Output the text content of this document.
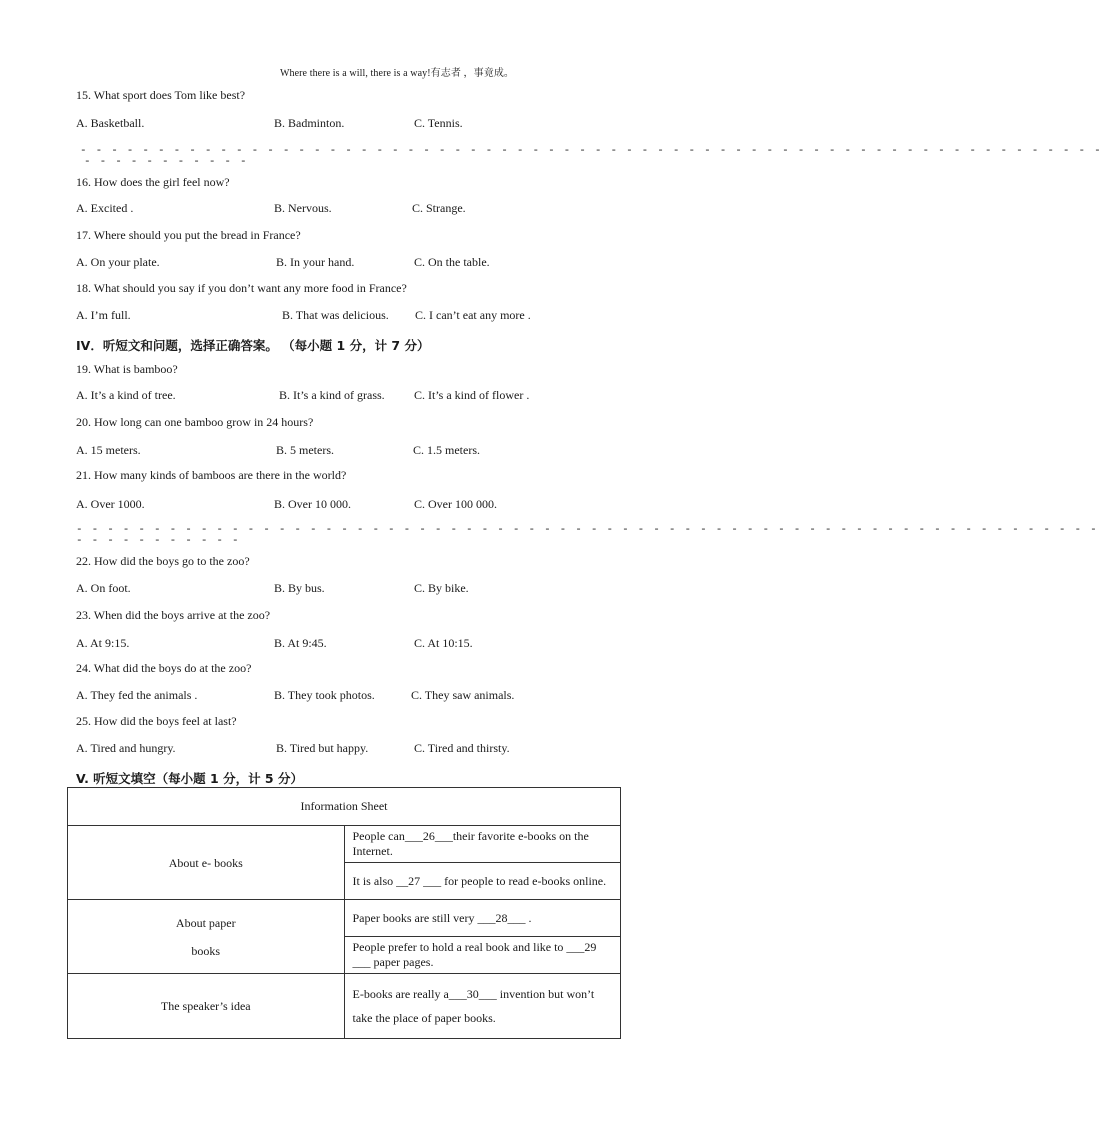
Where there is a will, there is a way!有志者 ，事竟成。
15. What sport does Tom like best?
A. Basketball.	B. Badminton.	C. Tennis.
- - - - - - - - - - - - - - - - - - - - - - - - - - - - - - - - - - - - - - - - - - - - - - - - - - - - - - - - - - - - - - - - - -
- - - - - - - - - - -
16. How does the girl feel now?
A. Excited .	B. Nervous.	C. Strange.
17. Where should you put the bread in France?
A. On your plate.	B. In your hand.	C. On the table.
18. What should you say if you don’t want any more food in France?
A. I’m full.	B. That was delicious. C. I can’t eat any more .
IV．听短文和问题，选择正确答案。 （每小题 1 分，计 7 分）
19. What is bamboo?
A. It’s a kind of tree.	B. It’s a kind of grass. C. It’s a kind of flower .
20. How long can one bamboo grow in 24 hours?
A. 15 meters.	B. 5 meters.	C. 1.5 meters.
21. How many kinds of bamboos are there in the world?
A. Over 1000.	B. Over 10 000.	C. Over 100 000.
- - - - - - - - - - - - - - - - - - - - - - - - - - - - - - - - - - - - - - - - - - - - - - - - - - - - - - - - - - - - - - - - - -
- - - - - - - - - - -
22. How did the boys go to the zoo?
A. On foot.	B. By bus.	C. By bike.
23. When did the boys arrive at the zoo?
A. At 9:15.	B. At 9:45.	C. At 10:15.
24. What did the boys do at the zoo?
A. They fed the animals .	B. They took photos.	C. They saw animals.
25. How did the boys feel at last?
A. Tired and hungry.	B. Tired but happy.	C. Tired and thirsty.
V. 听短文填空（每小题 1 分，计 5 分）
Information Sheet	
About e- books	People can___26___their favorite e-books on the Internet.
	It is also __27 ___ for people to read e-books online.
About paper
books	Paper books are still very ___28___ .
	People prefer to hold a real book and like to ___29 ___ paper pages.
The speaker’s idea	E-books are really a___30___ invention but won’t take the place of paper books.
